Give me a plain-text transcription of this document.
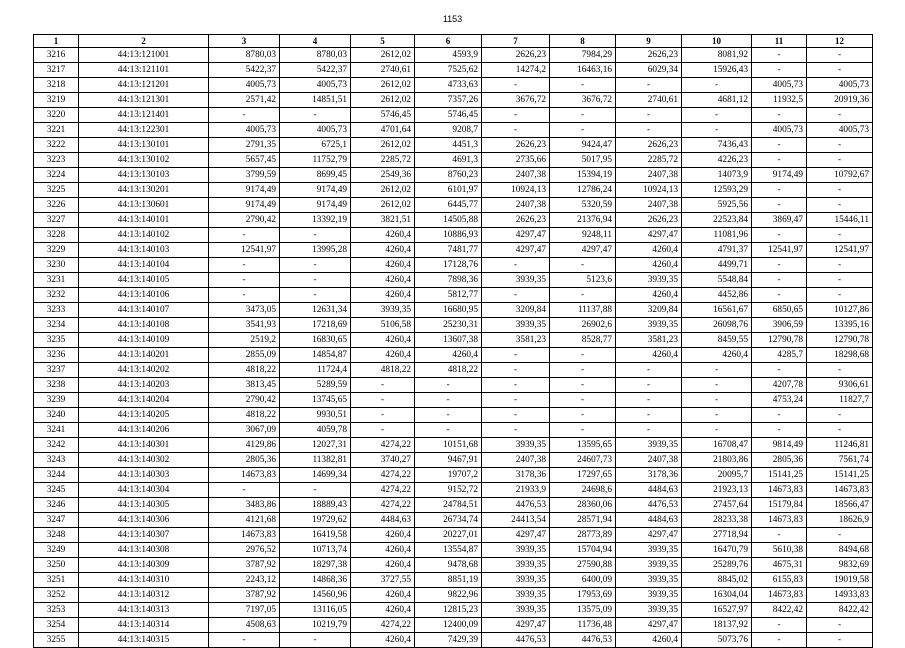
1153
1	2	3	4	5	6	7	8	9	10	11	12
3216	44:13:121001	8780,03	8780,03	2612,02	4593,9	2626,23	7984,29	2626,23	8081,92	-	-
3217	44:13:121101	5422,37	5422,37	2740,61	7525,62	14274,2	16463,16	6029,34	15926,43	-	-
3218	44:13:121201	4005,73	4005,73	2612,02	4733,63	-	-	-	-	4005,73	4005,73
3219	44:13:121301	2571,42	14851,51	2612,02	7357,26	3676,72	3676,72	2740,61	4681,12	11932,5	20919,36
3220	44:13:121401	-	-	5746,45	5746,45	-	-	-	-	-	-
3221	44:13:122301	4005,73	4005,73	4701,64	9208,7	-	-	-	-	4005,73	4005,73
3222	44:13:130101	2791,35	6725,1	2612,02	4451,3	2626,23	9424,47	2626,23	7436,43	-	-
3223	44:13:130102	5657,45	11752,79	2285,72	4691,3	2735,66	5017,95	2285,72	4226,23	-	-
3224	44:13:130103	3799,59	8699,45	2549,36	8760,23	2407,38	15394,19	2407,38	14073,9	9174,49	10792,67
3225	44:13:130201	9174,49	9174,49	2612,02	6101,97	10924,13	12786,24	10924,13	12593,29	-	-
3226	44:13:130601	9174,49	9174,49	2612,02	6445,77	2407,38	5320,59	2407,38	5925,56	-	-
3227	44:13:140101	2790,42	13392,19	3821,51	14505,88	2626,23	21376,94	2626,23	22523,84	3869,47	15446,11
3228	44:13:140102	-	-	4260,4	10886,93	4297,47	9248,11	4297,47	11081,96	-	-
3229	44:13:140103	12541,97	13995,28	4260,4	7481,77	4297,47	4297,47	4260,4	4791,37	12541,97	12541,97
3230	44:13:140104	-	-	4260,4	17128,76	-	-	4260,4	4499,71	-	-
3231	44:13:140105	-	-	4260,4	7898,36	3939,35	5123,6	3939,35	5548,84	-	-
3232	44:13:140106	-	-	4260,4	5812,77	-	-	4260,4	4452,86	-	-
3233	44:13:140107	3473,05	12631,34	3939,35	16680,95	3209,84	11137,88	3209,84	16561,67	6850,65	10127,86
3234	44:13:140108	3541,93	17218,69	5106,58	25230,31	3939,35	26902,6	3939,35	26098,76	3906,59	13395,16
3235	44:13:140109	2519,2	16830,65	4260,4	13607,38	3581,23	8528,77	3581,23	8459,55	12790,78	12790,78
3236	44:13:140201	2855,09	14854,87	4260,4	4260,4	-	-	4260,4	4260,4	4285,7	18298,68
3237	44:13:140202	4818,22	11724,4	4818,22	4818,22	-	-	-	-	-	-
3238	44:13:140203	3813,45	5289,59	-	-	-	-	-	-	4207,78	9306,61
3239	44:13:140204	2790,42	13745,65	-	-	-	-	-	-	4753,24	11827,7
3240	44:13:140205	4818,22	9930,51	-	-	-	-	-	-	-	-
3241	44:13:140206	3067,09	4059,78	-	-	-	-	-	-	-	-
3242	44:13:140301	4129,86	12027,31	4274,22	10151,68	3939,35	13595,65	3939,35	16708,47	9814,49	11246,81
3243	44:13:140302	2805,36	11382,81	3740,27	9467,91	2407,38	24607,73	2407,38	21803,86	2805,36	7561,74
3244	44:13:140303	14673,83	14699,34	4274,22	19707,2	3178,36	17297,65	3178,36	20095,7	15141,25	15141,25
3245	44:13:140304	-	-	4274,22	9152,72	21933,9	24698,6	4484,63	21923,13	14673,83	14673,83
3246	44:13:140305	3483,86	18889,43	4274,22	24784,51	4476,53	28360,06	4476,53	27457,64	15179,84	18566,47
3247	44:13:140306	4121,68	19729,62	4484,63	26734,74	24413,54	28571,94	4484,63	28233,38	14673,83	18626,9
3248	44:13:140307	14673,83	16419,58	4260,4	20227,01	4297,47	28773,89	4297,47	27718,94	-	-
3249	44:13:140308	2976,52	10713,74	4260,4	13554,87	3939,35	15704,94	3939,35	16470,79	5610,38	8494,68
3250	44:13:140309	3787,92	18297,38	4260,4	9478,68	3939,35	27590,88	3939,35	25289,76	4675,31	9832,69
3251	44:13:140310	2243,12	14868,36	3727,55	8851,19	3939,35	6400,09	3939,35	8845,02	6155,83	19019,58
3252	44:13:140312	3787,92	14560,96	4260,4	9822,96	3939,35	17953,69	3939,35	16304,04	14673,83	14933,83
3253	44:13:140313	7197,05	13116,05	4260,4	12815,23	3939,35	13575,09	3939,35	16527,97	8422,42	8422,42
3254	44:13:140314	4508,63	10219,79	4274,22	12400,09	4297,47	11736,48	4297,47	18137,92	-	-
3255	44:13:140315	-	-	4260,4	7429,39	4476,53	4476,53	4260,4	5073,76	-	-
